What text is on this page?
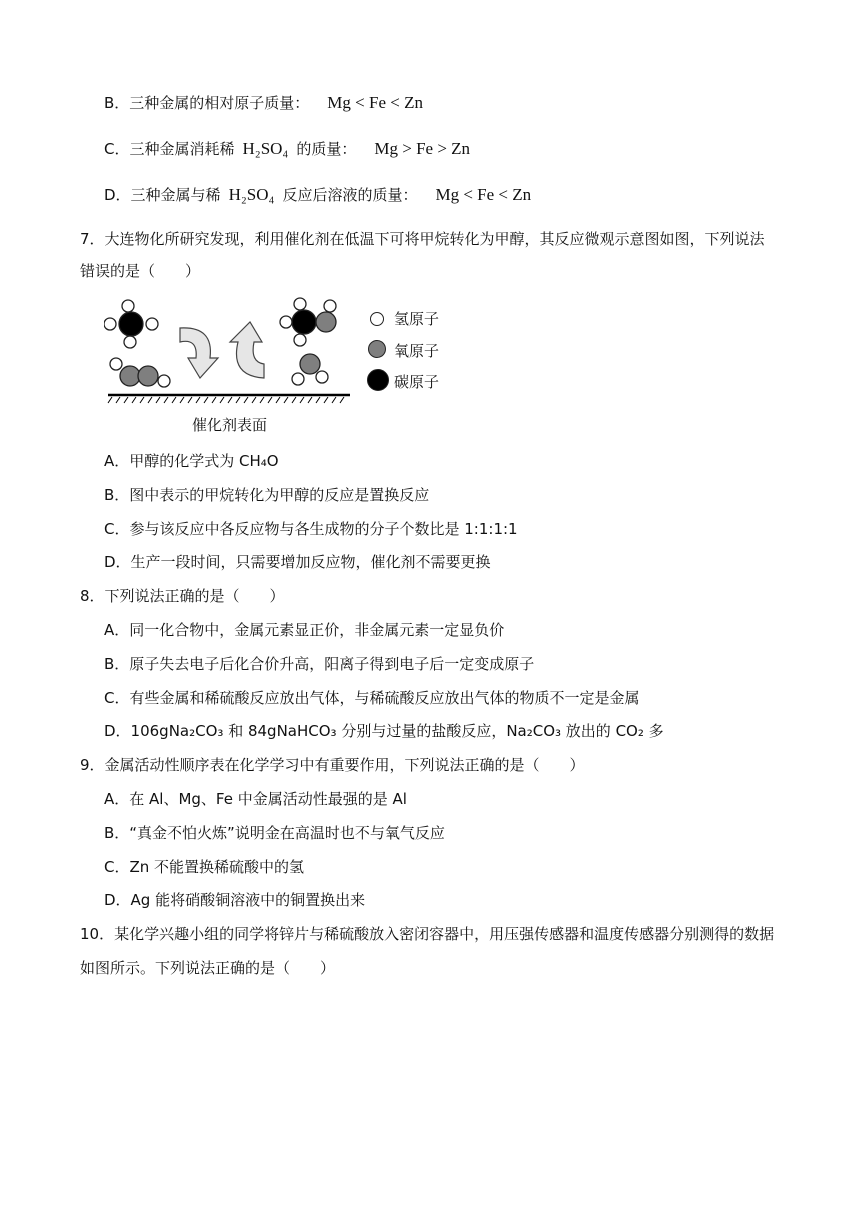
B．三种金属的相对原子质量： Mg < Fe < Zn
C．三种金属消耗稀 H₂SO₄ 的质量： Mg > Fe > Zn
D．三种金属与稀 H₂SO₄ 反应后溶液的质量： Mg < Fe < Zn
7．大连物化所研究发现，利用催化剂在低温下可将甲烷转化为甲醇，其反应微观示意图如图，下列说法
错误的是（　　）
催化剂表面
氢原子
氧原子
碳原子
A．甲醇的化学式为 CH₄O
B．图中表示的甲烷转化为甲醇的反应是置换反应
C．参与该反应中各反应物与各生成物的分子个数比是 1:1:1:1
D．生产一段时间，只需要增加反应物，催化剂不需要更换
8．下列说法正确的是（　　）
A．同一化合物中，金属元素显正价，非金属元素一定显负价
B．原子失去电子后化合价升高，阳离子得到电子后一定变成原子
C．有些金属和稀硫酸反应放出气体，与稀硫酸反应放出气体的物质不一定是金属
D．106gNa₂CO₃ 和 84gNaHCO₃ 分别与过量的盐酸反应，Na₂CO₃ 放出的 CO₂ 多
9．金属活动性顺序表在化学学习中有重要作用，下列说法正确的是（　　）
A．在 Al、Mg、Fe 中金属活动性最强的是 Al
B．“真金不怕火炼”说明金在高温时也不与氧气反应
C．Zn 不能置换稀硫酸中的氢
D．Ag 能将硝酸铜溶液中的铜置换出来
10．某化学兴趣小组的同学将锌片与稀硫酸放入密闭容器中，用压强传感器和温度传感器分别测得的数据
如图所示。下列说法正确的是（　　）
